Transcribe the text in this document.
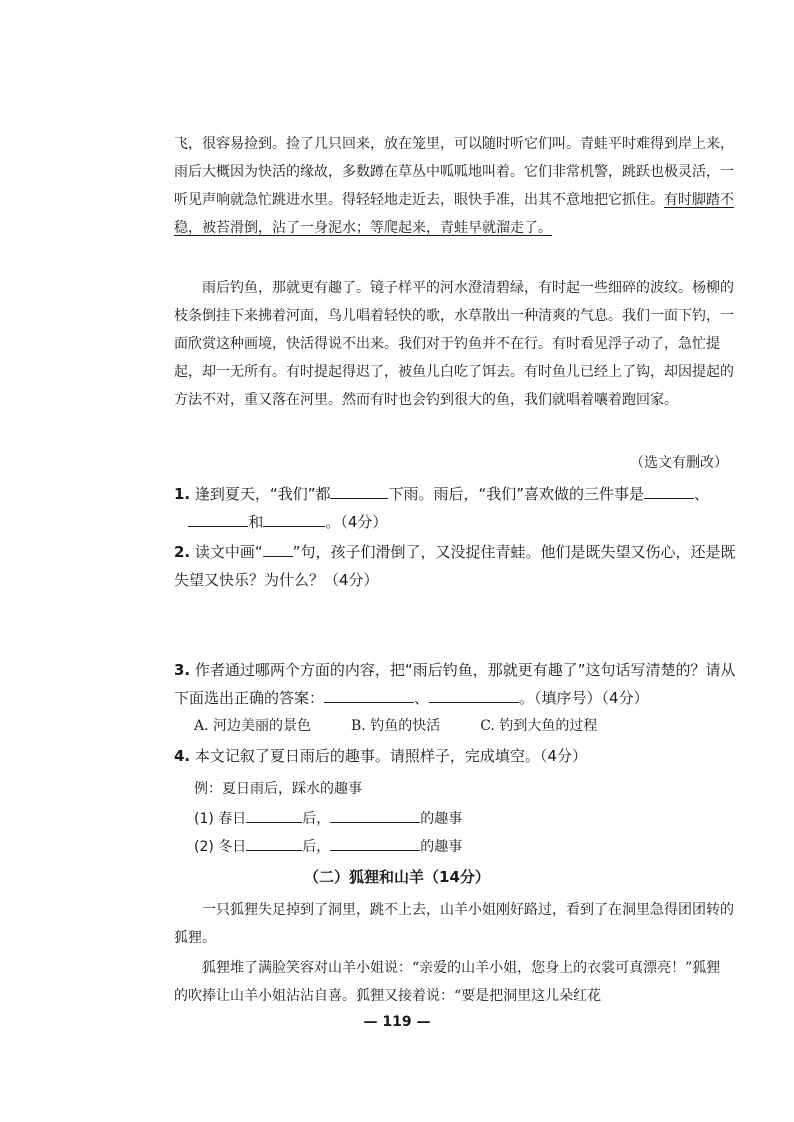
飞，很容易捡到。捡了几只回来，放在笼里，可以随时听它们叫。青蛙平时难得到岸上来，雨后大概因为快活的缘故，多数蹲在草丛中呱呱地叫着。它们非常机警，跳跃也极灵活，一听见声响就急忙跳进水里。得轻轻地走近去，眼快手准，出其不意地把它抓住。有时脚踏不稳，被苔滑倒，沾了一身泥水；等爬起来，青蛙早就溜走了。

雨后钓鱼，那就更有趣了。镜子样平的河水澄清碧绿，有时起一些细碎的波纹。杨柳的枝条倒挂下来拂着河面，鸟儿唱着轻快的歌，水草散出一种清爽的气息。我们一面下钓，一面欣赏这种画境，快活得说不出来。我们对于钓鱼并不在行。有时看见浮子动了，急忙提起，却一无所有。有时提起得迟了，被鱼儿白吃了饵去。有时鱼儿已经上了钩，却因提起的方法不对，重又落在河里。然而有时也会钓到很大的鱼，我们就唱着嚷着跑回家。

（选文有删改）
1. 逢到夏天，“我们”都	下雨。雨后，“我们”喜欢做的三件事是	、
和	。（4分）
2. 读文中画“ ”句，孩子们滑倒了，又没捉住青蛙。他们是既失望又伤心，还是既失望又快乐？为什么？（4分）
3. 作者通过哪两个方面的内容，把“雨后钓鱼，那就更有趣了”这句话写清楚的？请从下面选出正确的答案：	、	。（填序号）（4分）
A. 河边美丽的景色	B. 钓鱼的快活	C. 钓到大鱼的过程
4. 本文记叙了夏日雨后的趣事。请照样子，完成填空。（4分）
例：夏日雨后，踩水的趣事
(1) 春日	后，	的趣事
(2) 冬日	后，	的趣事
（二）狐狸和山羊（14分）

一只狐狸失足掉到了洞里，跳不上去，山羊小姐刚好路过，看到了在洞里急得团团转的狐狸。

狐狸堆了满脸笑容对山羊小姐说：“亲爱的山羊小姐，您身上的衣裳可真漂亮！”狐狸的吹捧让山羊小姐沾沾自喜。狐狸又接着说：“要是把洞里这儿朵红花

— 119 —
